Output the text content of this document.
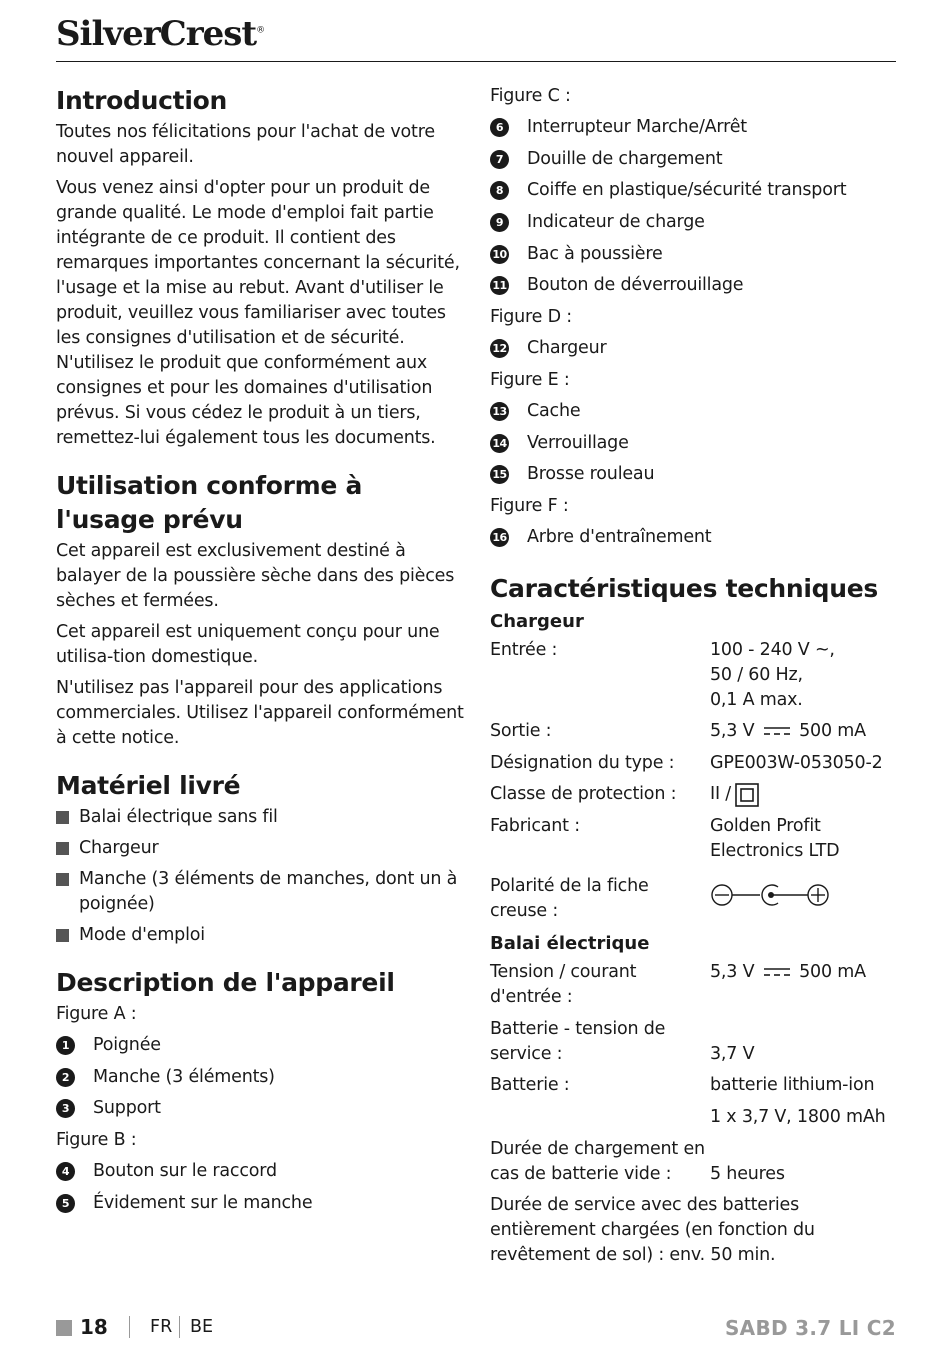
SilverCrest®
Introduction

Toutes nos félicitations pour l'achat de votre nouvel appareil.

Vous venez ainsi d'opter pour un produit de grande qualité. Le mode d'emploi fait partie intégrante de ce produit. Il contient des remarques importantes concernant la sécurité, l'usage et la mise au rebut. Avant d'utiliser le produit, veuillez vous familiariser avec toutes les consignes d'utilisation et de sécurité. N'utilisez le produit que conformément aux consignes et pour les domaines d'utilisation prévus. Si vous cédez le produit à un tiers, remettez-lui également tous les documents.

Utilisation conforme à l'usage prévu

Cet appareil est exclusivement destiné à balayer de la poussière sèche dans des pièces sèches et fermées.

Cet appareil est uniquement conçu pour une utilisa-tion domestique.

N'utilisez pas l'appareil pour des applications commerciales. Utilisez l'appareil conformément à cette notice.

Matériel livré
Balai électrique sans fil
Chargeur
Manche (3 éléments de manches, dont un à poignée)
Mode d'emploi
Description de l'appareil
Figure A :
1	Poignée
2	Manche (3 éléments)
3	Support
Figure B :
4	Bouton sur le raccord
5	Évidement sur le manche
Figure C :
6	Interrupteur Marche/Arrêt
7	Douille de chargement
8	Coiffe en plastique/sécurité transport
9	Indicateur de charge
10 Bac à poussière
11 Bouton de déverrouillage
Figure D :
12 Chargeur
Figure E :
13 Cache
14 Verrouillage
15 Brosse rouleau
Figure F :
16 Arbre d'entraînement
Caractéristiques techniques
Chargeur
Entrée :	100 - 240 V ~,
50 / 60 Hz,
0,1 A max.
Sortie :	5,3 V	500 mA
Désignation du type :	GPE003W-053050-2
Classe de protection :	II /
Fabricant :	Golden Profit
Electronics LTD
Polarité de la fiche creuse :
Balai électrique
Tension / courant d'entrée :
5,3 V	500 mA
Batterie - tension de
service :	3,7 V
Batterie :	batterie lithium-ion
1 x 3,7 V, 1800 mAh
Durée de chargement en
cas de batterie vide :	5 heures

Durée de service avec des batteries entièrement chargées (en fonction du revêtement de sol) : env. 50 min.

18 FR BE	SABD 3.7 LI C2
